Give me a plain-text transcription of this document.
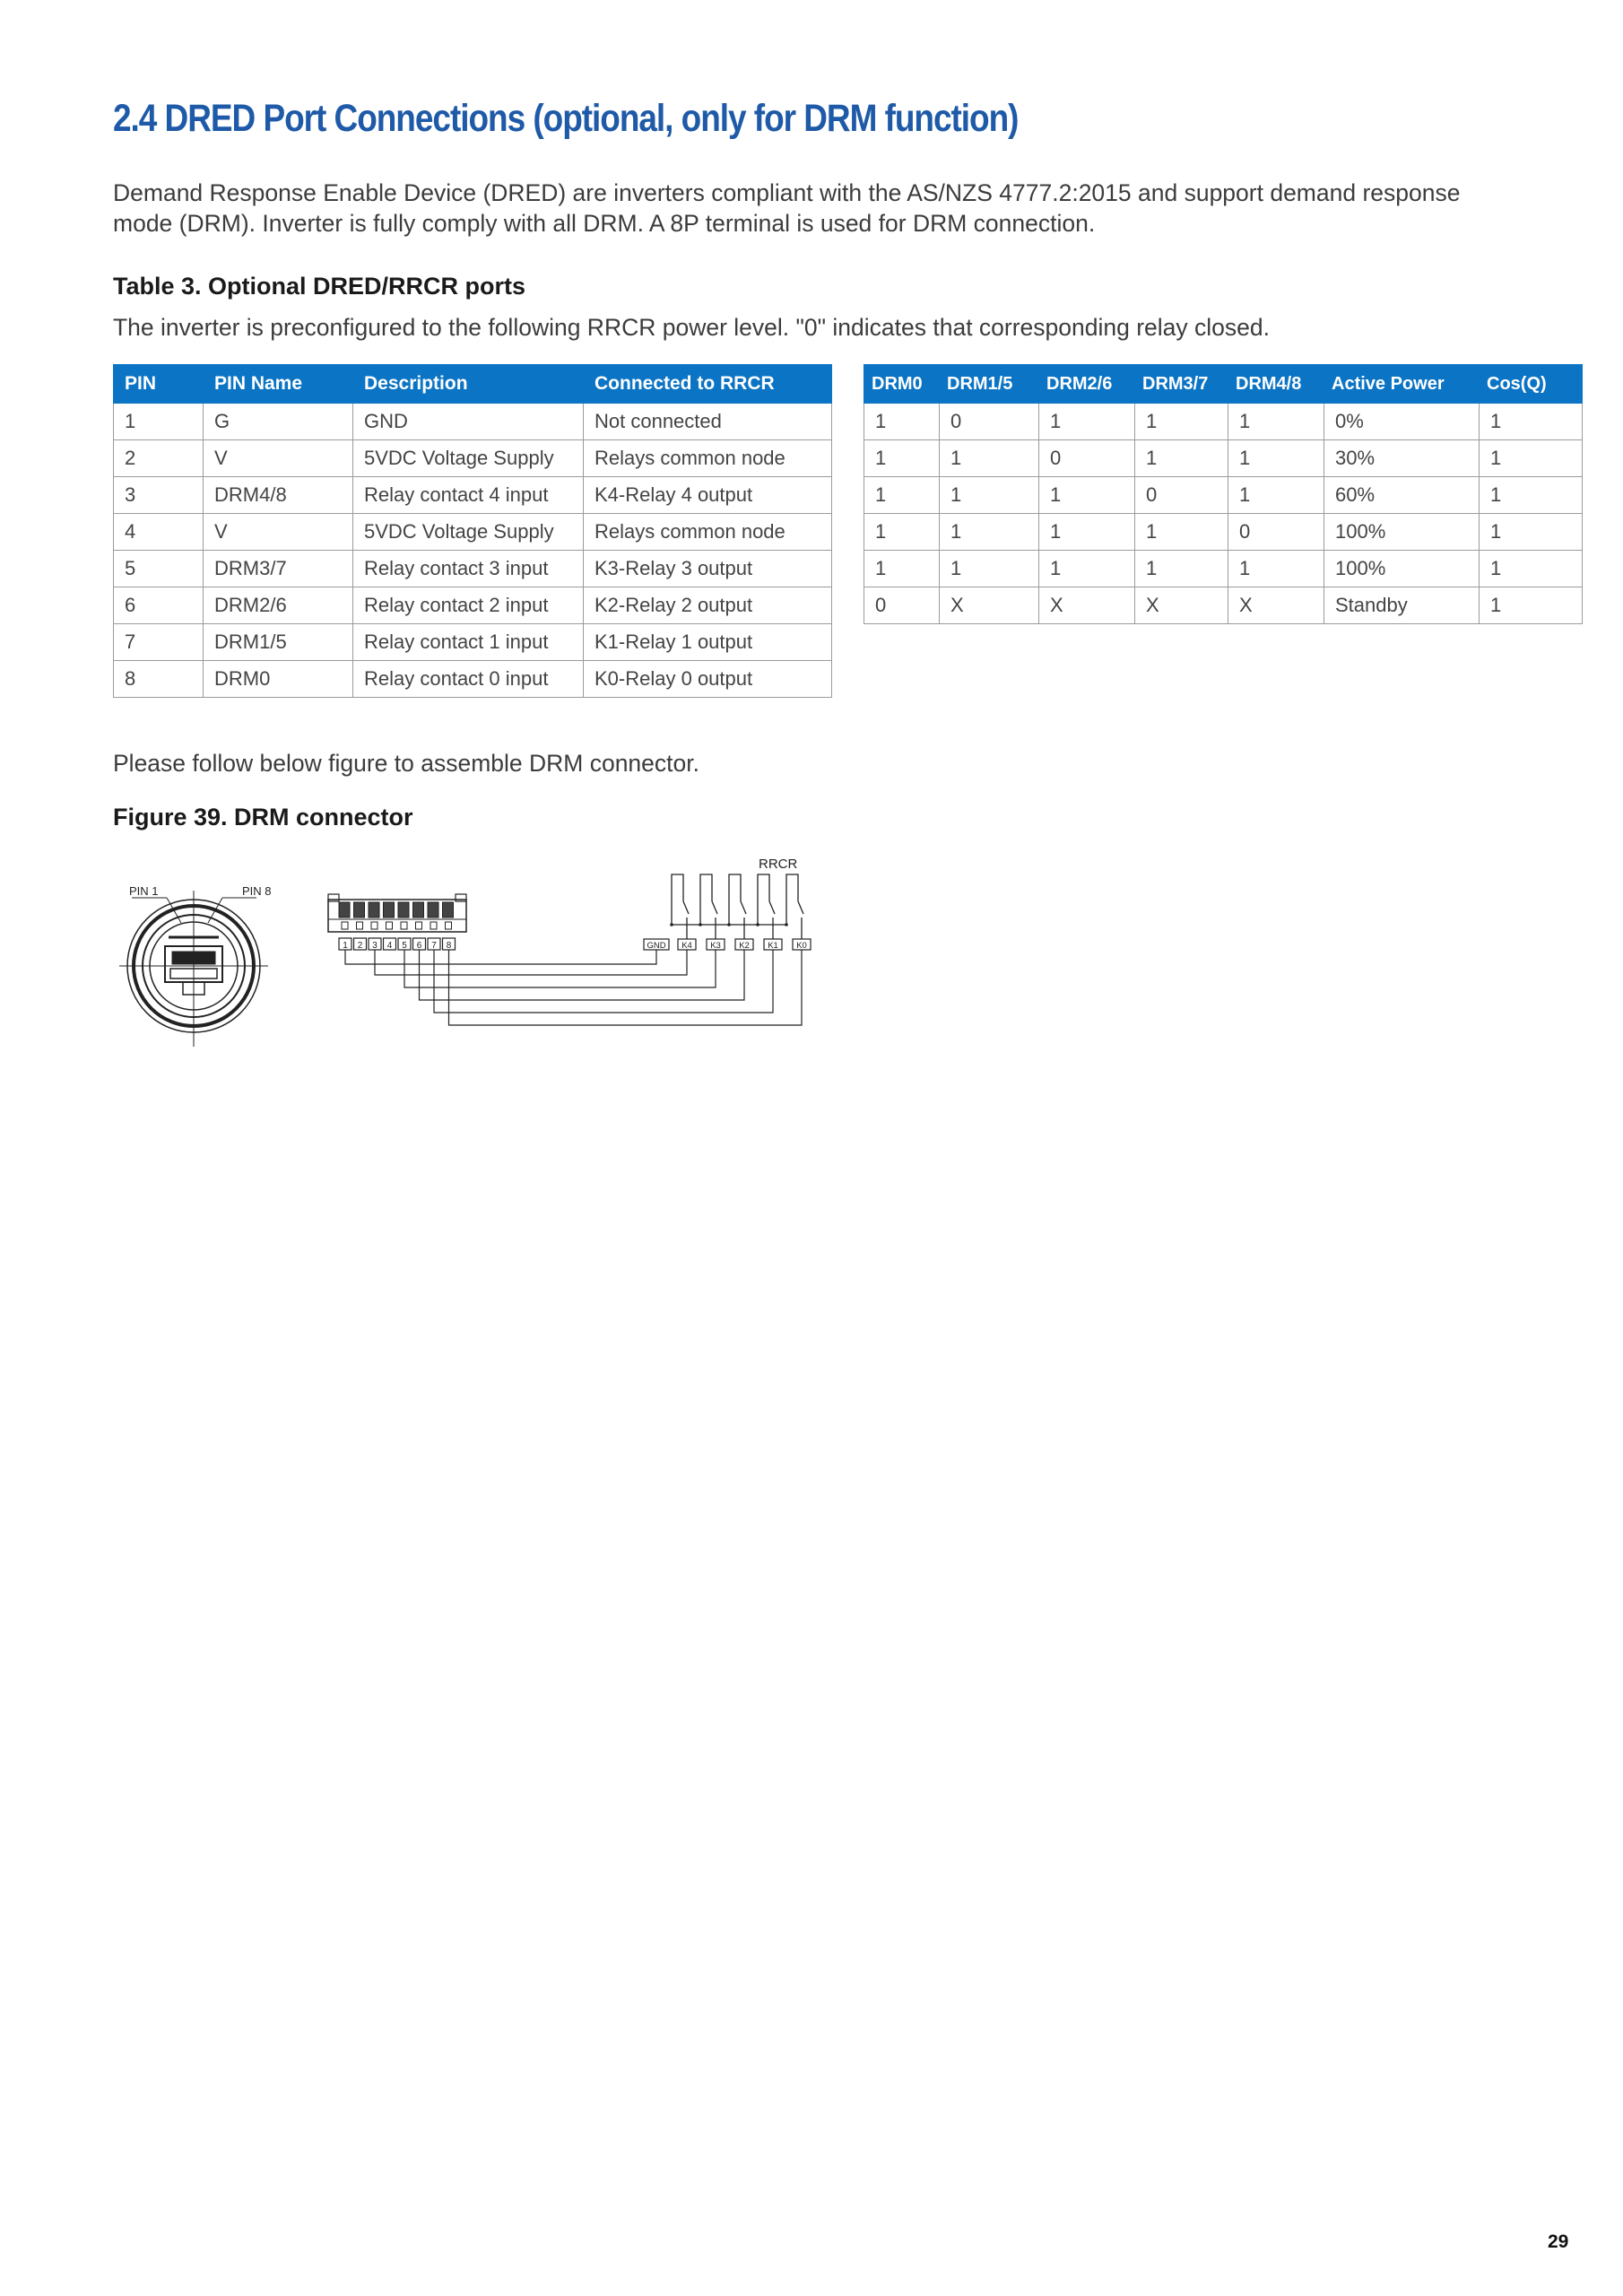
2.4 DRED Port Connections (optional, only for DRM function)

Demand Response Enable Device (DRED) are inverters compliant with the AS/NZS 4777.2:2015 and support demand response mode (DRM). Inverter is fully comply with all DRM. A 8P terminal is used for DRM connection.

Table 3. Optional DRED/RRCR ports

The inverter is preconfigured to the following RRCR power level. "0" indicates that corresponding relay closed.

PIN	PIN Name	Description	Connected to RRCR
1	G	GND	Not connected
2	V	5VDC Voltage Supply	Relays common node
3	DRM4/8	Relay contact 4 input	K4-Relay 4 output
4	V	5VDC Voltage Supply	Relays common node
5	DRM3/7	Relay contact 3 input	K3-Relay 3 output
6	DRM2/6	Relay contact 2 input	K2-Relay 2 output
7	DRM1/5	Relay contact 1 input	K1-Relay 1 output
8	DRM0	Relay contact 0 input	K0-Relay 0 output
DRM0	DRM1/5	DRM2/6	DRM3/7	DRM4/8	Active Power	Cos(Q)
1	0	1	1	1	0%	1
1	1	0	1	1	30%	1
1	1	1	0	1	60%	1
1	1	1	1	0	100%	1
1	1	1	1	1	100%	1
0	X	X	X	X	Standby	1

Please follow below figure to assemble DRM connector.

Figure 39. DRM connector

PIN 1	PIN 8
1 2 3 4 5 6 7 8
RRCR
GND K4 K3 K2 K1 K0
29
